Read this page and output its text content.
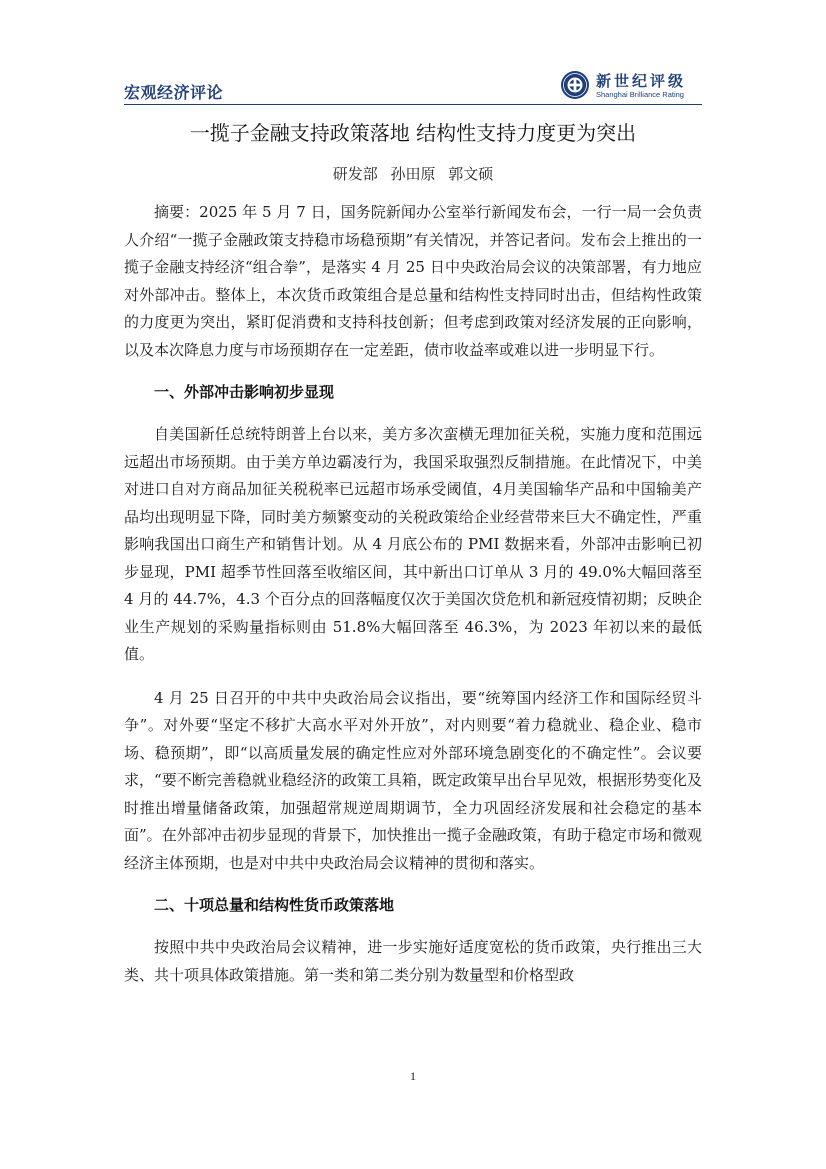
宏观经济评论
新世纪评级
Shanghai Brilliance Rating
一揽子金融支持政策落地 结构性支持力度更为突出
研发部 孙田原 郭文硕

摘要：2025 年 5 月 7 日，国务院新闻办公室举行新闻发布会，一行一局一会负责人介绍“一揽子金融政策支持稳市场稳预期”有关情况，并答记者问。发布会上推出的一揽子金融支持经济“组合拳”，是落实 4 月 25 日中央政治局会议的决策部署，有力地应对外部冲击。整体上，本次货币政策组合是总量和结构性支持同时出击，但结构性政策的力度更为突出，紧盯促消费和支持科技创新；但考虑到政策对经济发展的正向影响，以及本次降息力度与市场预期存在一定差距，债市收益率或难以进一步明显下行。

一、外部冲击影响初步显现

自美国新任总统特朗普上台以来，美方多次蛮横无理加征关税，实施力度和范围远远超出市场预期。由于美方单边霸凌行为，我国采取强烈反制措施。在此情况下，中美对进口自对方商品加征关税税率已远超市场承受阈值，4月美国输华产品和中国输美产品均出现明显下降，同时美方频繁变动的关税政策给企业经营带来巨大不确定性，严重影响我国出口商生产和销售计划。从 4 月底公布的 PMI 数据来看，外部冲击影响已初步显现，PMI 超季节性回落至收缩区间，其中新出口订单从 3 月的 49.0%大幅回落至 4 月的 44.7%，4.3 个百分点的回落幅度仅次于美国次贷危机和新冠疫情初期；反映企业生产规划的采购量指标则由 51.8%大幅回落至 46.3%，为 2023 年初以来的最低值。

4 月 25 日召开的中共中央政治局会议指出，要“统筹国内经济工作和国际经贸斗争”。对外要“坚定不移扩大高水平对外开放”，对内则要“着力稳就业、稳企业、稳市场、稳预期”，即“以高质量发展的确定性应对外部环境急剧变化的不确定性”。会议要求，“要不断完善稳就业稳经济的政策工具箱，既定政策早出台早见效，根据形势变化及时推出增量储备政策，加强超常规逆周期调节，全力巩固经济发展和社会稳定的基本面”。在外部冲击初步显现的背景下，加快推出一揽子金融政策，有助于稳定市场和微观经济主体预期，也是对中共中央政治局会议精神的贯彻和落实。

二、十项总量和结构性货币政策落地

按照中共中央政治局会议精神，进一步实施好适度宽松的货币政策，央行推出三大类、共十项具体政策措施。第一类和第二类分别为数量型和价格型政

1
